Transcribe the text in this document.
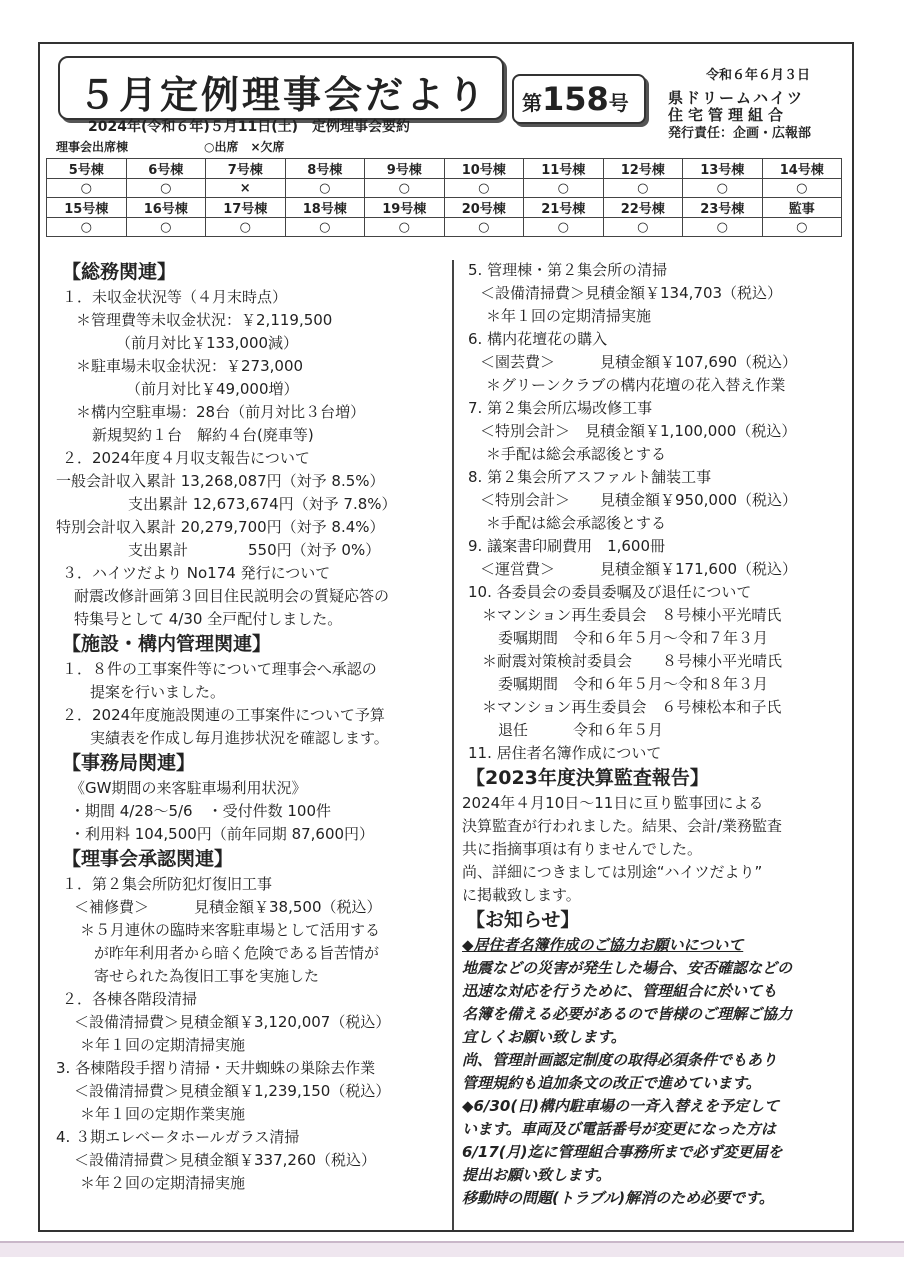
５月定例理事会だより
2024年(令和６年)５月11日(土)　定例理事会要約
第158号
令和６年６月３日
県ドリームハイツ
住宅管理組合
発行責任：企画・広報部
理事会出席棟	○出席　×欠席
5号棟	6号棟	7号棟	8号棟	9号棟	10号棟	11号棟	12号棟	13号棟	14号棟
○	○	×	○	○	○	○	○	○	○
15号棟	16号棟	17号棟	18号棟	19号棟	20号棟	21号棟	22号棟	23号棟	監事
○	○	○	○	○	○	○	○	○	○
【総務関連】
１．未収金状況等（４月末時点）
＊管理費等未収金状況：￥2,119,500
（前月対比￥133,000減）
＊駐車場未収金状況：￥273,000
（前月対比￥49,000増）
＊構内空駐車場：28台（前月対比３台増）
新規契約１台　解約４台(廃車等)
２．2024年度４月収支報告について
一般会計収入累計 13,268,087円（対予 8.5%）
支出累計 12,673,674円（対予 7.8%）
特別会計収入累計 20,279,700円（対予 8.4%）
支出累計　　　　550円（対予 0%）
３．ハイツだより No174 発行について
耐震改修計画第３回目住民説明会の質疑応答の
特集号として 4/30 全戸配付しました。
【施設・構内管理関連】
１．８件の工事案件等について理事会へ承認の
提案を行いました。
２．2024年度施設関連の工事案件について予算
実績表を作成し毎月進捗状況を確認します。
【事務局関連】
《GW期間の来客駐車場利用状況》
・期間 4/28～5/6　・受付件数 100件
・利用料 104,500円（前年同期 87,600円）
【理事会承認関連】
１．第２集会所防犯灯復旧工事
＜補修費＞　　　見積金額￥38,500（税込）
＊５月連休の臨時来客駐車場として活用する
が昨年利用者から暗く危険である旨苦情が
寄せられた為復旧工事を実施した
２．各棟各階段清掃
＜設備清掃費＞見積金額￥3,120,007（税込）
＊年１回の定期清掃実施
3. 各棟階段手摺り清掃・天井蜘蛛の巣除去作業
＜設備清掃費＞見積金額￥1,239,150（税込）
＊年１回の定期作業実施
4. ３期エレベータホールガラス清掃
＜設備清掃費＞見積金額￥337,260（税込）
＊年２回の定期清掃実施
5. 管理棟・第２集会所の清掃
＜設備清掃費＞見積金額￥134,703（税込）
＊年１回の定期清掃実施
6. 構内花壇花の購入
＜園芸費＞　　　見積金額￥107,690（税込）
＊グリーンクラブの構内花壇の花入替え作業
7. 第２集会所広場改修工事
＜特別会計＞　見積金額￥1,100,000（税込）
＊手配は総会承認後とする
8. 第２集会所アスファルト舗装工事
＜特別会計＞　　見積金額￥950,000（税込）
＊手配は総会承認後とする
9. 議案書印刷費用　1,600冊
＜運営費＞　　　見積金額￥171,600（税込）
10. 各委員会の委員委嘱及び退任について
＊マンション再生委員会　８号棟小平光晴氏
委嘱期間　令和６年５月～令和７年３月
＊耐震対策検討委員会　　８号棟小平光晴氏
委嘱期間　令和６年５月～令和８年３月
＊マンション再生委員会　６号棟松本和子氏
退任　　　令和６年５月
11. 居住者名簿作成について
【2023年度決算監査報告】
2024年４月10日～11日に亘り監事団による
決算監査が行われました。結果、会計/業務監査
共に指摘事項は有りませんでした。
尚、詳細につきましては別途“ハイツだより”
に掲載致します。
【お知らせ】
◆居住者名簿作成のご協力お願いについて
地震などの災害が発生した場合、安否確認などの
迅速な対応を行うために、管理組合に於いても
名簿を備える必要があるので皆様のご理解ご協力
宜しくお願い致します。
尚、管理計画認定制度の取得必須条件でもあり
管理規約も追加条文の改正で進めています。
◆6/30(日)構内駐車場の一斉入替えを予定して
います。車両及び電話番号が変更になった方は
6/17(月)迄に管理組合事務所まで必ず変更届を
提出お願い致します。
移動時の問題(トラブル)解消のため必要です。
